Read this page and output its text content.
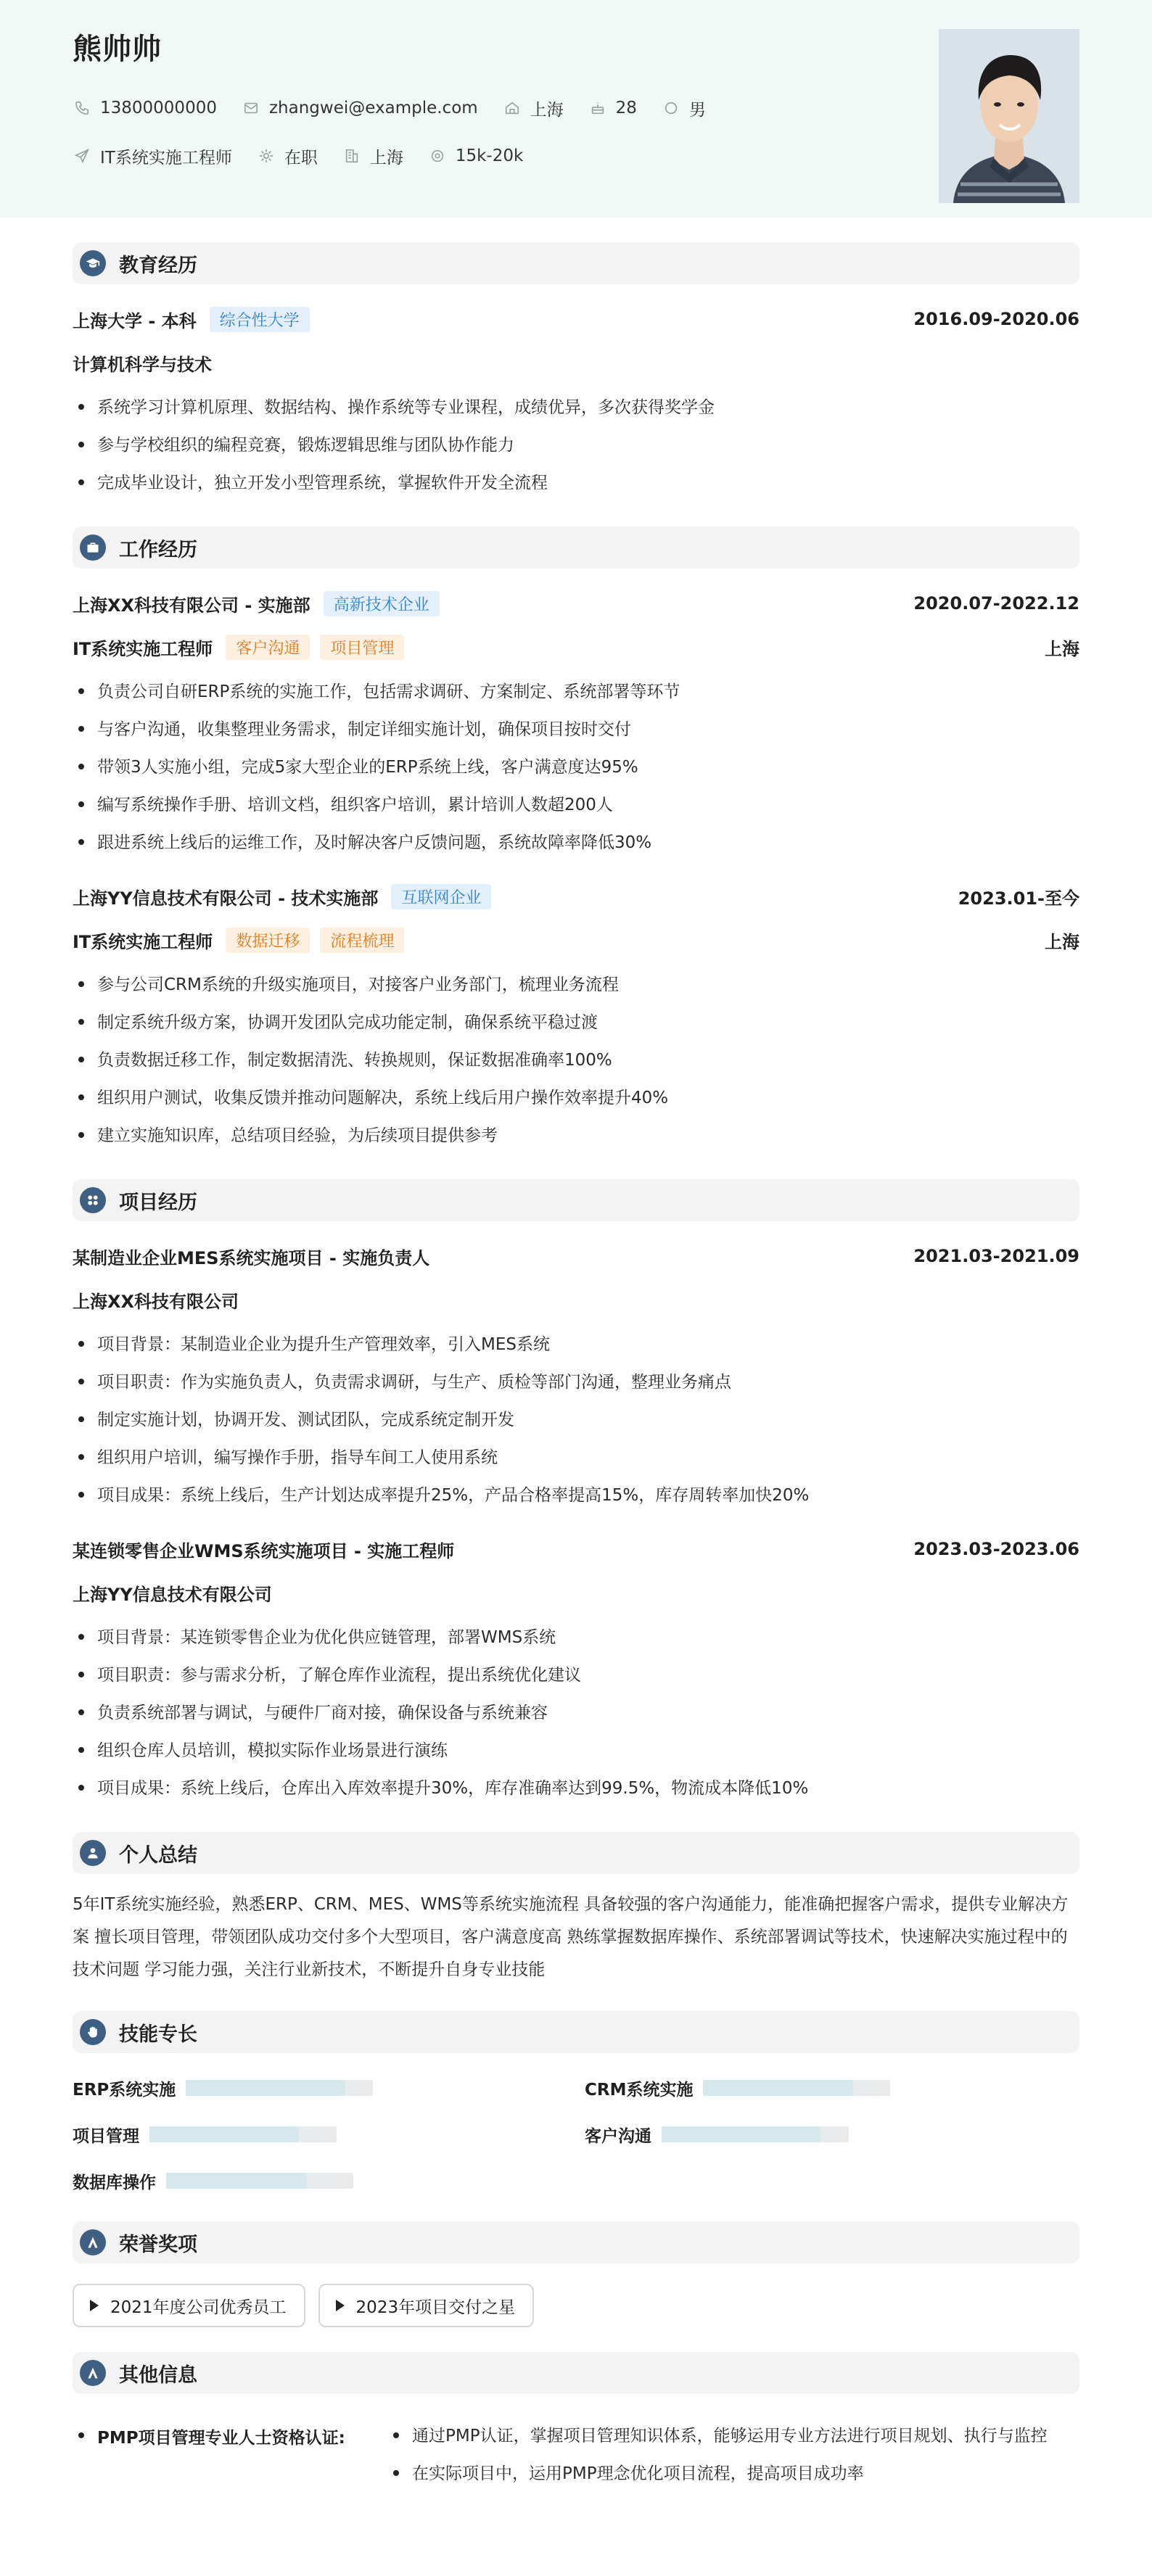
熊帅帅
13800000000	zhangwei@example.com	上海	28	男
IT系统实施工程师	在职	上海	15k-20k
教育经历
上海大学 - 本科	综合性大学	2016.09-2020.06
计算机科学与技术
系统学习计算机原理、数据结构、操作系统等专业课程，成绩优异，多次获得奖学金
参与学校组织的编程竞赛，锻炼逻辑思维与团队协作能力
完成毕业设计，独立开发小型管理系统，掌握软件开发全流程
工作经历
上海XX科技有限公司 - 实施部	高新技术企业	2020.07-2022.12
IT系统实施工程师	客户沟通	项目管理	上海
负责公司自研ERP系统的实施工作，包括需求调研、方案制定、系统部署等环节
与客户沟通，收集整理业务需求，制定详细实施计划，确保项目按时交付
带领3人实施小组，完成5家大型企业的ERP系统上线，客户满意度达95%
编写系统操作手册、培训文档，组织客户培训，累计培训人数超200人
跟进系统上线后的运维工作，及时解决客户反馈问题，系统故障率降低30%
上海YY信息技术有限公司 - 技术实施部	互联网企业	2023.01-至今
IT系统实施工程师	数据迁移	流程梳理	上海
参与公司CRM系统的升级实施项目，对接客户业务部门，梳理业务流程
制定系统升级方案，协调开发团队完成功能定制，确保系统平稳过渡
负责数据迁移工作，制定数据清洗、转换规则，保证数据准确率100%
组织用户测试，收集反馈并推动问题解决，系统上线后用户操作效率提升40%
建立实施知识库，总结项目经验，为后续项目提供参考
项目经历
某制造业企业MES系统实施项目 - 实施负责人	2021.03-2021.09
上海XX科技有限公司
项目背景：某制造业企业为提升生产管理效率，引入MES系统
项目职责：作为实施负责人，负责需求调研，与生产、质检等部门沟通，整理业务痛点
制定实施计划，协调开发、测试团队，完成系统定制开发
组织用户培训，编写操作手册，指导车间工人使用系统
项目成果：系统上线后，生产计划达成率提升25%，产品合格率提高15%，库存周转率加快20%
某连锁零售企业WMS系统实施项目 - 实施工程师	2023.03-2023.06
上海YY信息技术有限公司
项目背景：某连锁零售企业为优化供应链管理，部署WMS系统
项目职责：参与需求分析，了解仓库作业流程，提出系统优化建议
负责系统部署与调试，与硬件厂商对接，确保设备与系统兼容
组织仓库人员培训，模拟实际作业场景进行演练
项目成果：系统上线后，仓库出入库效率提升30%，库存准确率达到99.5%，物流成本降低10%
个人总结
5年IT系统实施经验，熟悉ERP、CRM、MES、WMS等系统实施流程 具备较强的客户沟通能力，能准确把握客户需求，提供专业解决方案 擅长项目管理，带领团队成功交付多个大型项目，客户满意度高 熟练掌握数据库操作、系统部署调试等技术，快速解决实施过程中的技术问题 学习能力强，关注行业新技术，不断提升自身专业技能
技能专长
ERP系统实施	CRM系统实施
项目管理	客户沟通
数据库操作
荣誉奖项
2021年度公司优秀员工	2023年项目交付之星
其他信息
PMP项目管理专业人士资格认证:	通过PMP认证，掌握项目管理知识体系，能够运用专业方法进行项目规划、执行与监控
在实际项目中，运用PMP理念优化项目流程，提高项目成功率
